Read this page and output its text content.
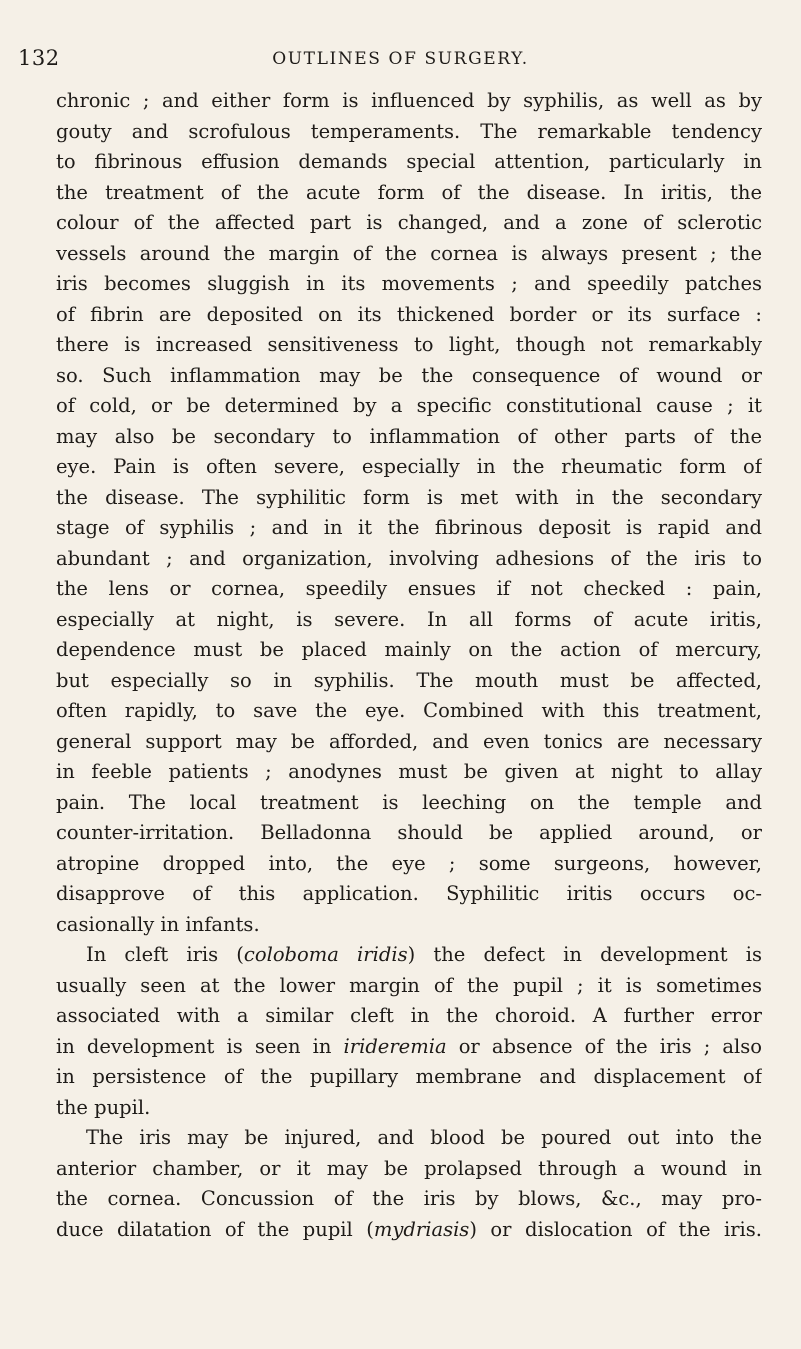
132	OUTLINES OF SURGERY.
chronic ; and either form is influenced by syphilis, as well as by
gouty and scrofulous temperaments. The remarkable tendency
to fibrinous effusion demands special attention, particularly in
the treatment of the acute form of the disease. In iritis, the
colour of the affected part is changed, and a zone of sclerotic
vessels around the margin of the cornea is always present ; the
iris becomes sluggish in its movements ; and speedily patches
of fibrin are deposited on its thickened border or its surface :
there is increased sensitiveness to light, though not remarkably
so. Such inflammation may be the consequence of wound or
of cold, or be determined by a specific constitutional cause ; it
may also be secondary to inflammation of other parts of the
eye. Pain is often severe, especially in the rheumatic form of
the disease. The syphilitic form is met with in the secondary
stage of syphilis ; and in it the fibrinous deposit is rapid and
abundant ; and organization, involving adhesions of the iris to
the lens or cornea, speedily ensues if not checked : pain,
especially at night, is severe. In all forms of acute iritis,
dependence must be placed mainly on the action of mercury,
but especially so in syphilis. The mouth must be affected,
often rapidly, to save the eye. Combined with this treatment,
general support may be afforded, and even tonics are necessary
in feeble patients ; anodynes must be given at night to allay
pain. The local treatment is leeching on the temple and
counter-irritation. Belladonna should be applied around, or
atropine dropped into, the eye ; some surgeons, however,
disapprove of this application. Syphilitic iritis occurs oc-
casionally in infants.
In cleft iris (coloboma iridis) the defect in development is
usually seen at the lower margin of the pupil ; it is sometimes
associated with a similar cleft in the choroid. A further error
in development is seen in irideremia or absence of the iris ; also
in persistence of the pupillary membrane and displacement of
the pupil.
The iris may be injured, and blood be poured out into the
anterior chamber, or it may be prolapsed through a wound in
the cornea. Concussion of the iris by blows, &c., may pro-
duce dilatation of the pupil (mydriasis) or dislocation of the iris.
